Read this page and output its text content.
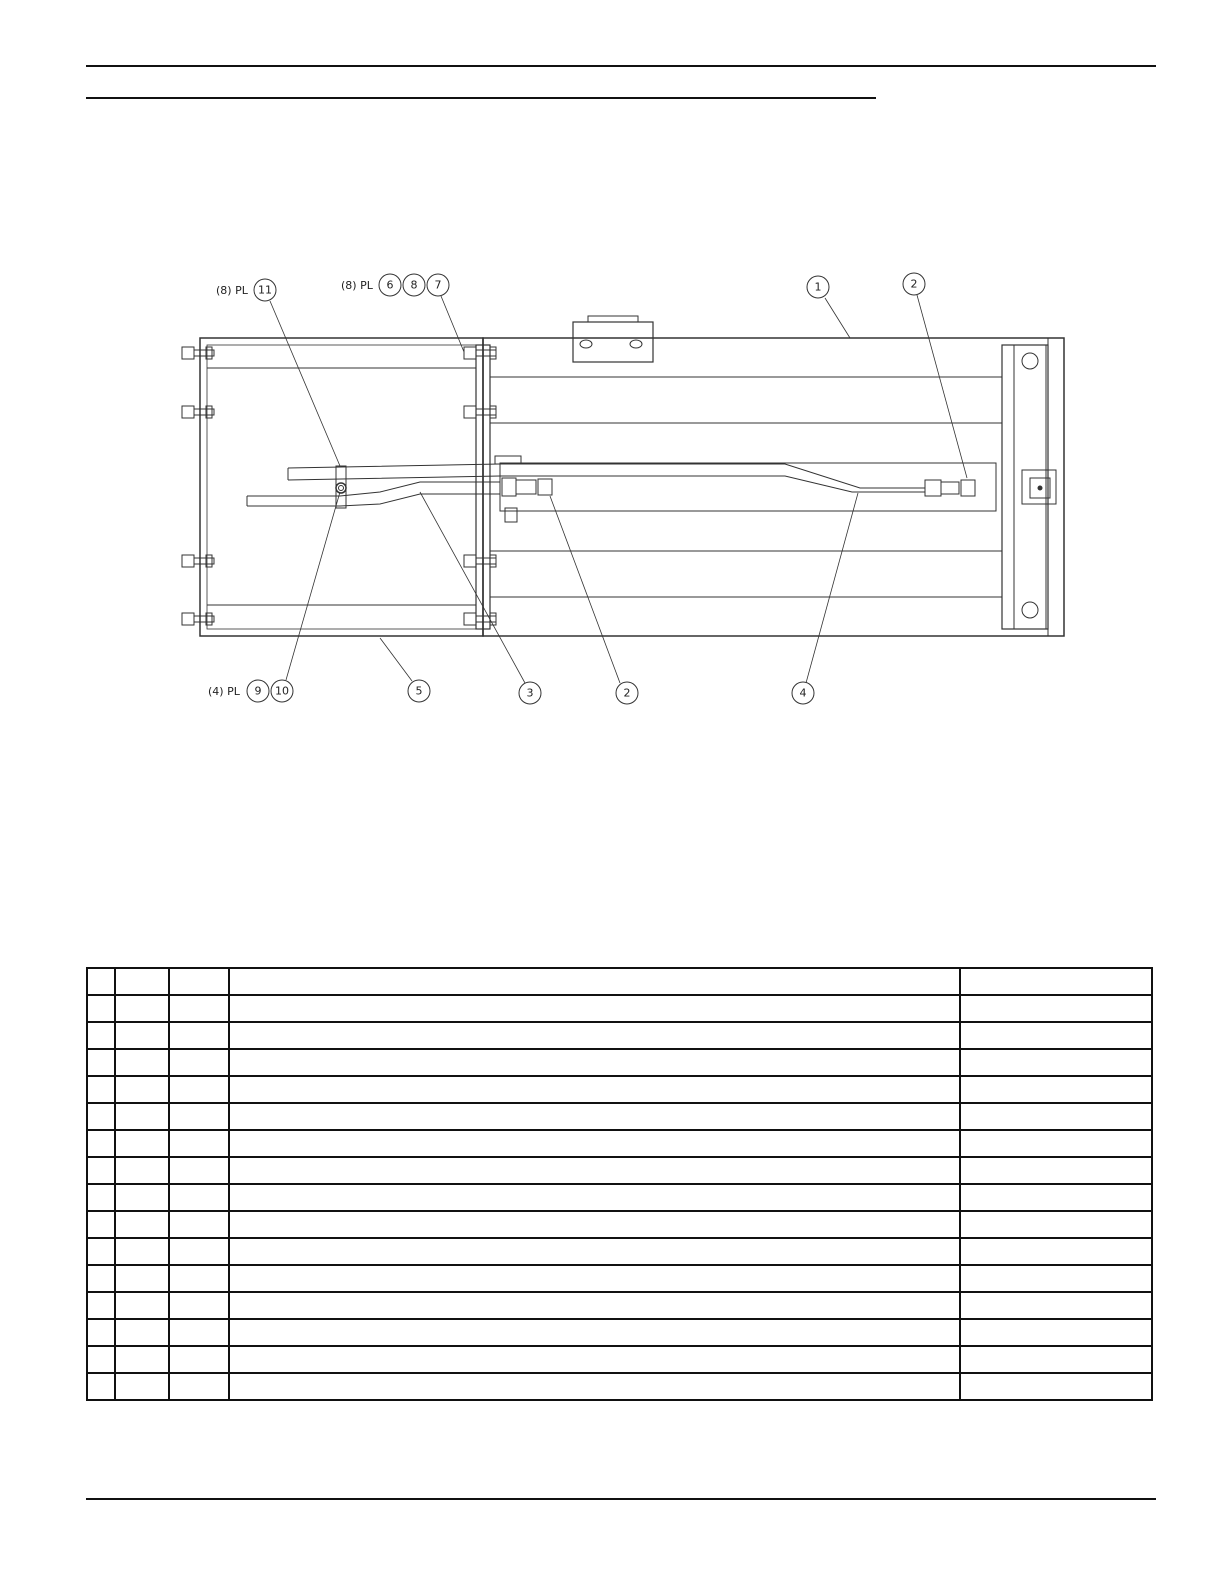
(8) PL	(8) PL
(4) PL
11	6 8 7	1	2
9 10	5	3	2	4
